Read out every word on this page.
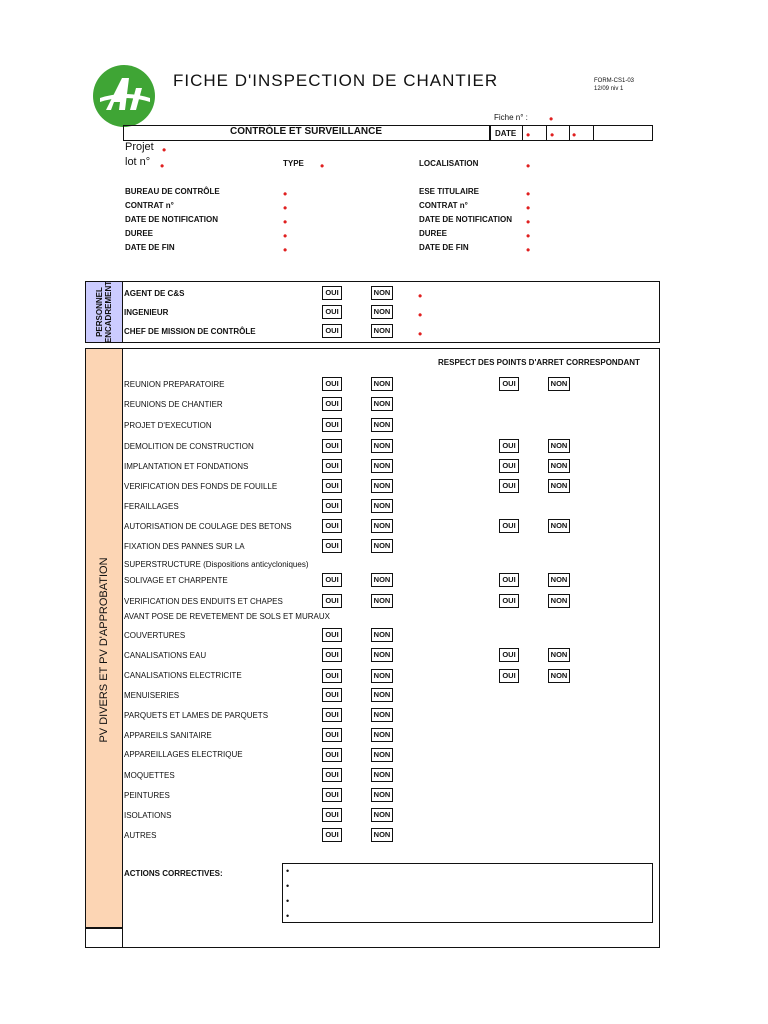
FICHE D'INSPECTION DE CHANTIER	FORM-CS1-03
12/09 niv 1
Fiche n° : •
CONTRÔLE ET SURVEILLANCE	DATE • • •
Projet •
lot n° •	TYPE •	LOCALISATION	•
BUREAU DE CONTRÔLE	•
CONTRAT n°	•
DATE DE NOTIFICATION	•
DUREE	•
DATE DE FIN	•
ESE TITULAIRE	•
CONTRAT n°	•
DATE DE NOTIFICATION •
DUREE	•
DATE DE FIN	•
PERSONNEL ENCADREMENT AGENT DE C&S	OUI	NON •
INGENIEUR	OUI	NON •
CHEF DE MISSION DE CONTRÔLE	OUI	NON •
PV DIVERS ET PV D'APPROBATION
RESPECT DES POINTS D'ARRET CORRESPONDANT
REUNION PREPARATOIRE	OUI	NON	OUI	NON
REUNIONS DE CHANTIER	OUI	NON
PROJET D'EXECUTION	OUI	NON
DEMOLITION DE CONSTRUCTION	OUI	NON	OUI	NON
IMPLANTATION ET FONDATIONS	OUI	NON	OUI	NON
VERIFICATION DES FONDS DE FOUILLE	OUI	NON	OUI	NON
FERAILLAGES	OUI	NON
AUTORISATION DE COULAGE DES BETONS	OUI	NON	OUI	NON
FIXATION DES PANNES SUR LA	OUI	NON
SOLIVAGE ET CHARPENTE	OUI	NON	OUI	NON
VERIFICATION DES ENDUITS ET CHAPES	OUI	NON	OUI	NON
COUVERTURES	OUI	NON
CANALISATIONS EAU	OUI	NON	OUI	NON
CANALISATIONS ELECTRICITE	OUI	NON	OUI	NON
MENUISERIES	OUI	NON
PARQUETS ET LAMES DE PARQUETS	OUI	NON
APPAREILS SANITAIRE	OUI	NON
APPAREILLAGES ELECTRIQUE	OUI	NON
MOQUETTES	OUI	NON
PEINTURES	OUI	NON
ISOLATIONS	OUI	NON
AUTRES	OUI	NON
SUPERSTRUCTURE (Dispositions anticycloniques)
AVANT POSE DE REVETEMENT DE SOLS ET MURAUX
ACTIONS CORRECTIVES:	•
•
•
•
